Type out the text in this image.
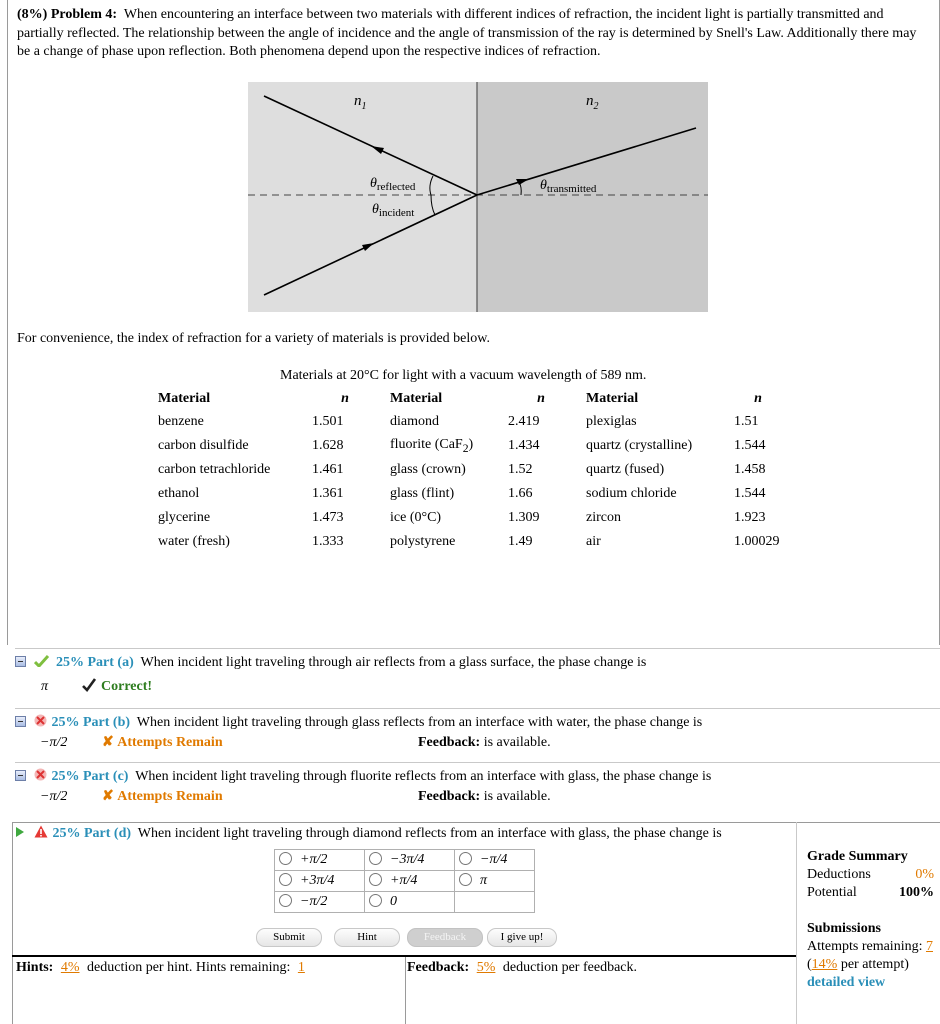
(8%) Problem 4: When encountering an interface between two materials with different indices of refraction, the incident light is partially transmitted and partially reflected. The relationship between the angle of incidence and the angle of transmission of the ray is determined by Snell's Law. Additionally there may be a change of phase upon reflection. Both phenomena depend upon the respective indices of refraction.
$n_1$	$n_2$
$\theta_{reflected}$
$\theta_{incident}$
$\theta_{transmitted}$
For convenience, the index of refraction for a variety of materials is provided below.
Materials at 20°C for light with a vacuum wavelength of 589 nm.
Material	n	Material	n	Material	n
benzene	1.501	diamond	2.419	plexiglas	1.51
carbon disulfide	1.628	fluorite (CaF$_2$)	1.434	quartz (crystalline)	1.544
carbon tetrachloride	1.461	glass (crown)	1.52	quartz (fused)	1.458
ethanol	1.361	glass (flint)	1.66	sodium chloride	1.544
glycerine	1.473	ice (0°C)	1.309	zircon	1.923
water (fresh)	1.333	polystyrene	1.49	air	1.00029
25% Part (a) When incident light traveling through air reflects from a glass surface, the phase change is
π	Correct!
25% Part (b) When incident light traveling through glass reflects from an interface with water, the phase change is
−π/2 ✘ Attempts Remain	Feedback: is available.
25% Part (c) When incident light traveling through fluorite reflects from an interface with glass, the phase change is
−π/2 ✘ Attempts Remain	Feedback: is available.
25% Part (d) When incident light traveling through diamond reflects from an interface with glass, the phase change is
+π/2	−3π/4	−π/4
+3π/4	+π/4	π
−π/2	0	
Submit	Hint	Feedback	I give up!
Hints: 4% deduction per hint. Hints remaining: 1	Feedback: 5% deduction per feedback.
Grade Summary
Deductions	0%
Potential	100%
Submissions
Attempts remaining: 7
(14% per attempt)
detailed view
